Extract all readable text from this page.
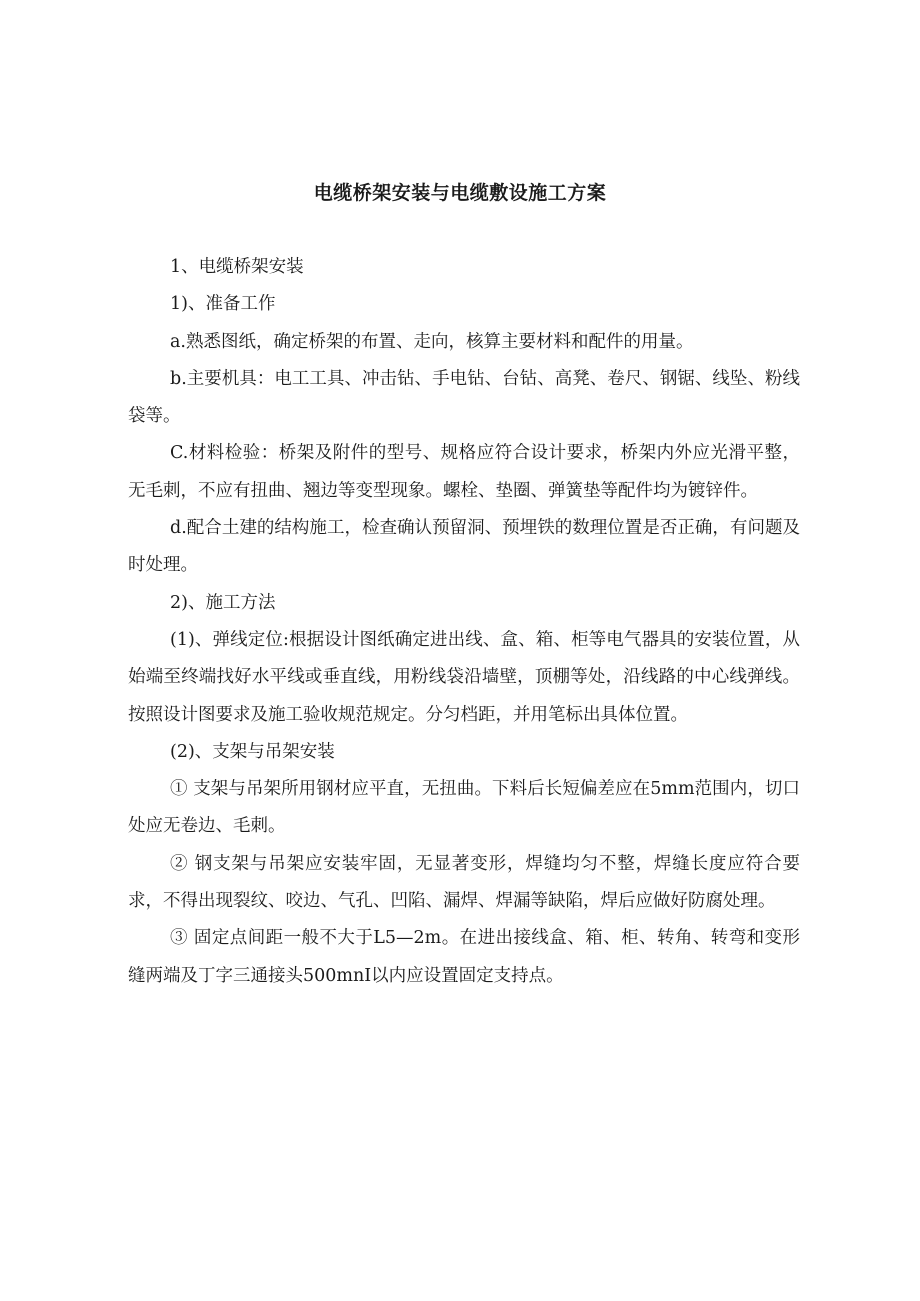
电缆桥架安装与电缆敷设施工方案

1、电缆桥架安装

1)、准备工作

a.熟悉图纸，确定桥架的布置、走向，核算主要材料和配件的用量。

b.主要机具：电工工具、冲击钻、手电钻、台钻、高凳、卷尺、钢锯、线坠、粉线袋等。

C.材料检验：桥架及附件的型号、规格应符合设计要求，桥架内外应光滑平整，无毛刺，不应有扭曲、翘边等变型现象。螺栓、垫圈、弹簧垫等配件均为镀锌件。

d.配合土建的结构施工，检查确认预留洞、预埋铁的数理位置是否正确，有问题及时处理。

2)、施工方法

(1)、弹线定位:根据设计图纸确定进出线、盒、箱、柜等电气器具的安装位置，从始端至终端找好水平线或垂直线，用粉线袋沿墙壁，顶棚等处，沿线路的中心线弹线。按照设计图要求及施工验收规范规定。分匀档距，并用笔标出具体位置。

(2)、支架与吊架安装

① 支架与吊架所用钢材应平直，无扭曲。下料后长短偏差应在5mm范围内，切口处应无卷边、毛刺。

② 钢支架与吊架应安装牢固，无显著变形，焊缝均匀不整，焊缝长度应符合要求，不得出现裂纹、咬边、气孔、凹陷、漏焊、焊漏等缺陷，焊后应做好防腐处理。

③ 固定点间距一般不大于L5—2m。在进出接线盒、箱、柜、转角、转弯和变形缝两端及丁字三通接头500mnI以内应设置固定支持点。
